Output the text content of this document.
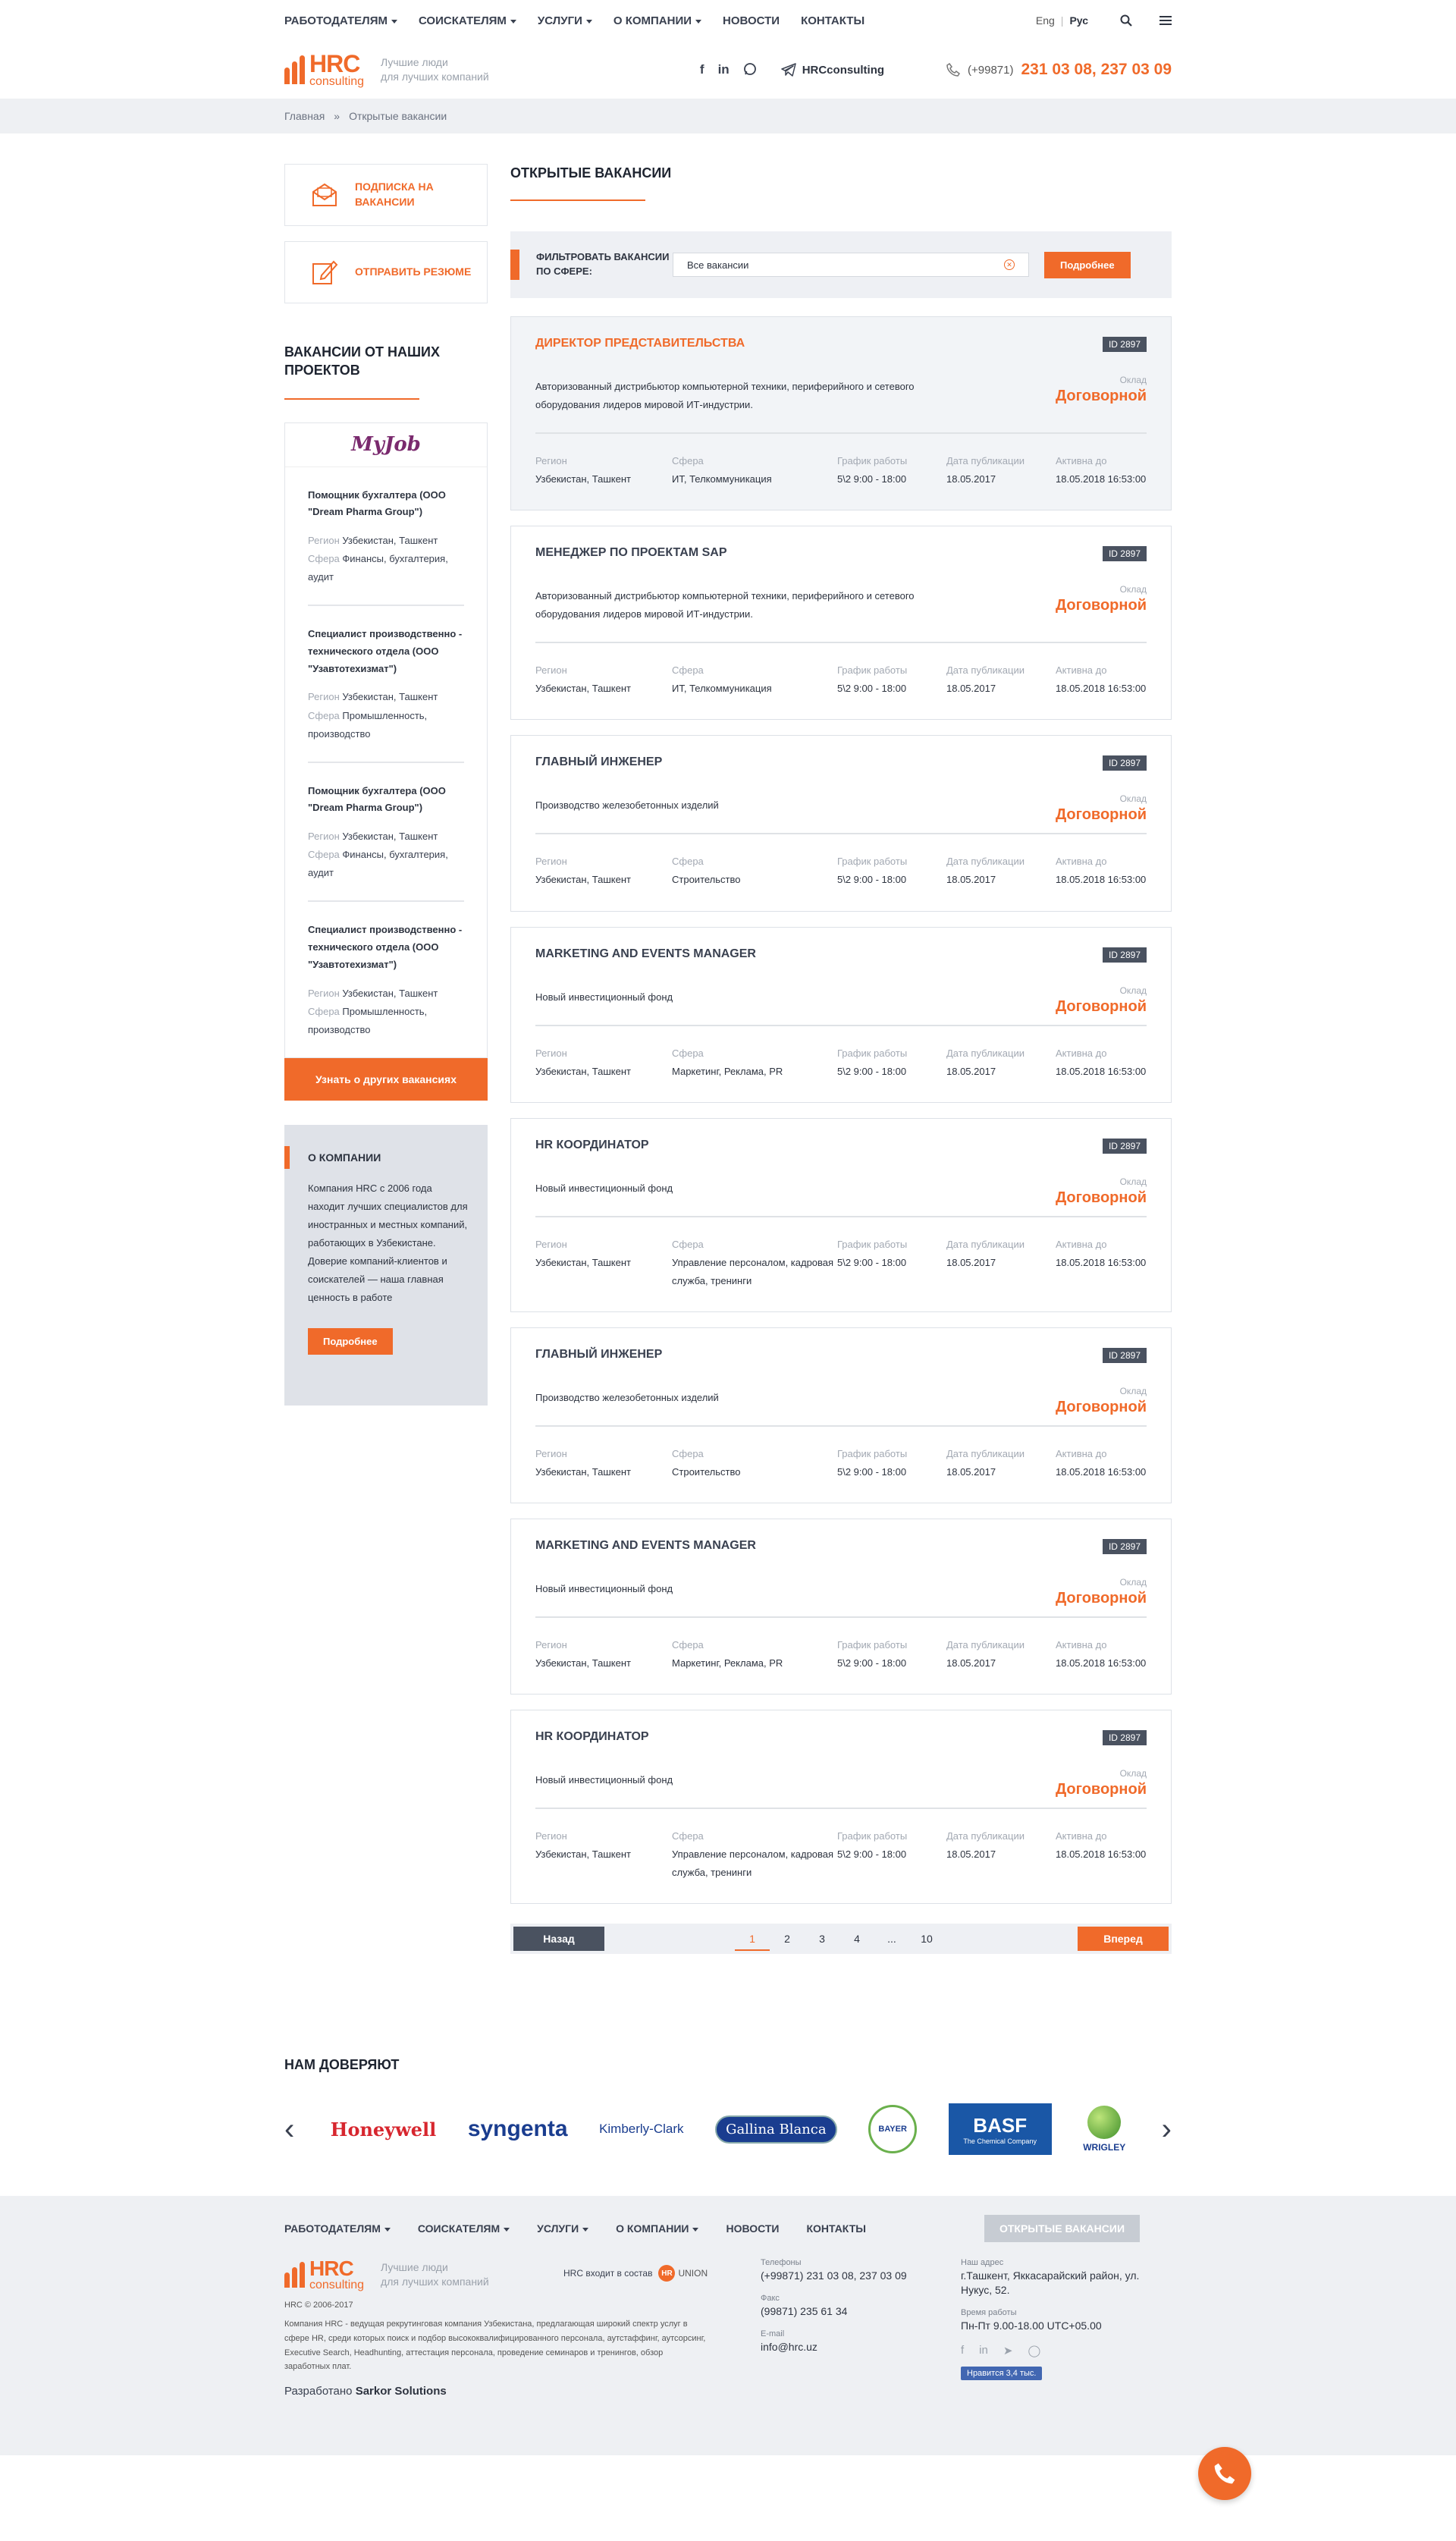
РАБОТОДАТЕЛЯМ	СОИСКАТЕЛЯМ	УСЛУГИ	О КОМПАНИИ	НОВОСТИ КОНТАКТЫ	Eng | Рус
HRC
consulting
Лучшие люди
для лучших компаний	f in	HRCconsulting	(+99871) 231 03 08, 237 03 09
Главная » Открытые вакансии
ПОДПИСКА НА ВАКАНСИИ
ОТПРАВИТЬ РЕЗЮМЕ
ВАКАНСИИ ОТ НАШИХ ПРОЕКТОВ
MyJob
Помощник бухгалтера (ООО "Dream Pharma Group")
Регион Узбекистан, Ташкент
Сфера Финансы, бухгалтерия, аудит
Специалист производственно - технического отдела (ООО "Узавтотехизмат")
Регион Узбекистан, Ташкент
Сфера Промышленность, производство
Помощник бухгалтера (ООО "Dream Pharma Group")
Регион Узбекистан, Ташкент
Сфера Финансы, бухгалтерия, аудит
Специалист производственно - технического отдела (ООО "Узавтотехизмат")
Регион Узбекистан, Ташкент
Сфера Промышленность, производство
Узнать о других вакансиях
О КОМПАНИИ
Компания HRC с 2006 года находит лучших специалистов для иностранных и местных компаний, работающих в Узбекистане. Доверие компаний-клиентов и соискателей — наша главная ценность в работе
Подробнее
ОТКРЫТЫЕ ВАКАНСИИ
ФИЛЬТРОВАТЬ ВАКАНСИИ ПО СФЕРЕ:
Все вакансии	✕	Подробнее
ДИРЕКТОР ПРЕДСТАВИТЕЛЬСТВА	ID 2897
Оклад
Договорной
Авторизованный дистрибьютор компьютерной техники, периферийного и сетевого оборудования лидеров мировой ИТ-индустрии.
Регион
Узбекистан, Ташкент
Сфера
ИТ, Телкоммуникация
График работы
5\2 9:00 - 18:00
Дата публикации
18.05.2017
Активна до
18.05.2018 16:53:00
МЕНЕДЖЕР ПО ПРОЕКТАМ SAP	ID 2897
Оклад
Договорной
Авторизованный дистрибьютор компьютерной техники, периферийного и сетевого оборудования лидеров мировой ИТ-индустрии.
Регион
Узбекистан, Ташкент
Сфера
ИТ, Телкоммуникация
График работы
5\2 9:00 - 18:00
Дата публикации
18.05.2017
Активна до
18.05.2018 16:53:00
ГЛАВНЫЙ ИНЖЕНЕР	ID 2897
Оклад
Договорной
Производство железобетонных изделий
Регион
Узбекистан, Ташкент
Сфера
Строительство
График работы
5\2 9:00 - 18:00
Дата публикации
18.05.2017
Активна до
18.05.2018 16:53:00
MARKETING AND EVENTS MANAGER	ID 2897
Оклад
Договорной
Новый инвестиционный фонд
Регион
Узбекистан, Ташкент
Сфера
Маркетинг, Реклама, PR
График работы
5\2 9:00 - 18:00
Дата публикации
18.05.2017
Активна до
18.05.2018 16:53:00
HR КООРДИНАТОР	ID 2897
Оклад
Договорной
Новый инвестиционный фонд
Регион
Узбекистан, Ташкент
Сфера
Управление персоналом, кадровая служба, тренинги
График работы
5\2 9:00 - 18:00
Дата публикации
18.05.2017
Активна до
18.05.2018 16:53:00
ГЛАВНЫЙ ИНЖЕНЕР	ID 2897
Оклад
Договорной
Производство железобетонных изделий
Регион
Узбекистан, Ташкент
Сфера
Строительство
График работы
5\2 9:00 - 18:00
Дата публикации
18.05.2017
Активна до
18.05.2018 16:53:00
MARKETING AND EVENTS MANAGER	ID 2897
Оклад
Договорной
Новый инвестиционный фонд
Регион
Узбекистан, Ташкент
Сфера
Маркетинг, Реклама, PR
График работы
5\2 9:00 - 18:00
Дата публикации
18.05.2017
Активна до
18.05.2018 16:53:00
HR КООРДИНАТОР	ID 2897
Оклад
Договорной
Новый инвестиционный фонд
Регион
Узбекистан, Ташкент
Сфера
Управление персоналом, кадровая служба, тренинги
График работы
5\2 9:00 - 18:00
Дата публикации
18.05.2017
Активна до
18.05.2018 16:53:00
Назад	1	2	3	4	...	10	Вперед
НАМ ДОВЕРЯЮТ
‹	Honeywell syngenta Kimberly-Clark	Gallina Blanca	BAYER	BASF
The Chemical Company
WRIGLEY
›
РАБОТОДАТЕЛЯМ	СОИСКАТЕЛЯМ	УСЛУГИ	О КОМПАНИИ	НОВОСТИ	КОНТАКТЫ	ОТКРЫТЫЕ ВАКАНСИИ
HRC
consulting
Лучшие люди
для лучших компаний
HRC © 2006-2017
Компания HRC - ведущая рекрутинговая компания Узбекистана, предлагающая широкий спектр услуг в сфере HR, среди которых поиск и подбор высококвалифицированного персонала, аутстаффинг, аутсорсинг, Executive Search, Headhunting, аттестация персонала, проведение семинаров и тренингов, обзор заработных плат.
Разработано Sarkor Solutions
HRC входит в состав	HR UNION
Телефоны
(+99871) 231 03 08, 237 03 09
Факс
(99871) 235 61 34
E-mail
info@hrc.uz
Наш адрес
г.Ташкент, Яккасарайский район, ул. Нукус, 52.
Время работы
Пн-Пт 9.00-18.00 UTC+05.00
f in ➤ ◯
Нравится 3,4 тыс.
